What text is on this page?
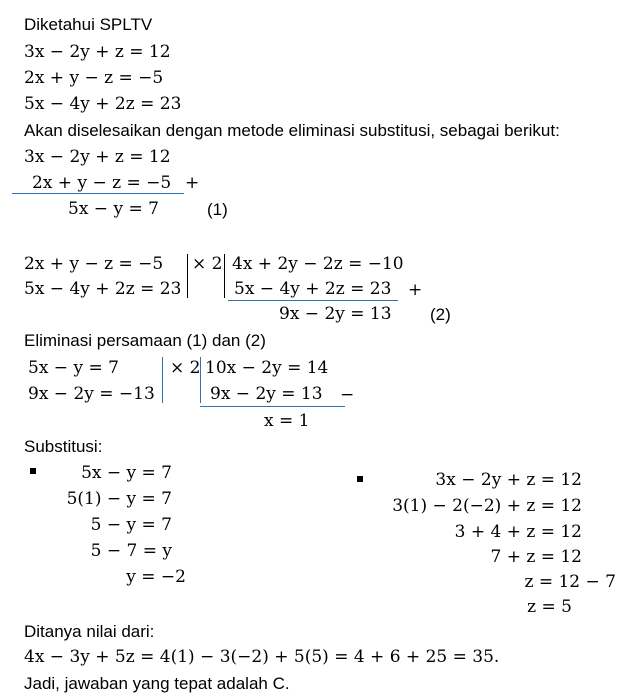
Diketahui SPLTV
3x − 2y + z = 12
2x + y − z = −5
5x − 4y + 2z = 23
Akan diselesaikan dengan metode eliminasi substitusi, sebagai berikut:
3x − 2y + z = 12
2x + y − z = −5 +
5x − y = 7	(1)
2x + y − z = −5
5x − 4y + 2z = 23
× 2 4x + 2y − 2z = −10
5x − 4y + 2z = 23 +
9x − 2y = 13 (2)
Eliminasi persamaan (1) dan (2)
5x − y = 7
9x − 2y = −13
× 2 10x − 2y = 14
9x − 2y = 13 −
x = 1
Substitusi:
5x − y = 7
5(1) − y = 7
5 − y = 7
5 − 7 = y
y = −2
3x − 2y + z = 12
3(1) − 2(−2) + z = 12
3 + 4 + z = 12
7 + z = 12
z = 12 − 7
z = 5
Ditanya nilai dari:
4x − 3y + 5z = 4(1) − 3(−2) + 5(5) = 4 + 6 + 25 = 35.
Jadi, jawaban yang tepat adalah C.
